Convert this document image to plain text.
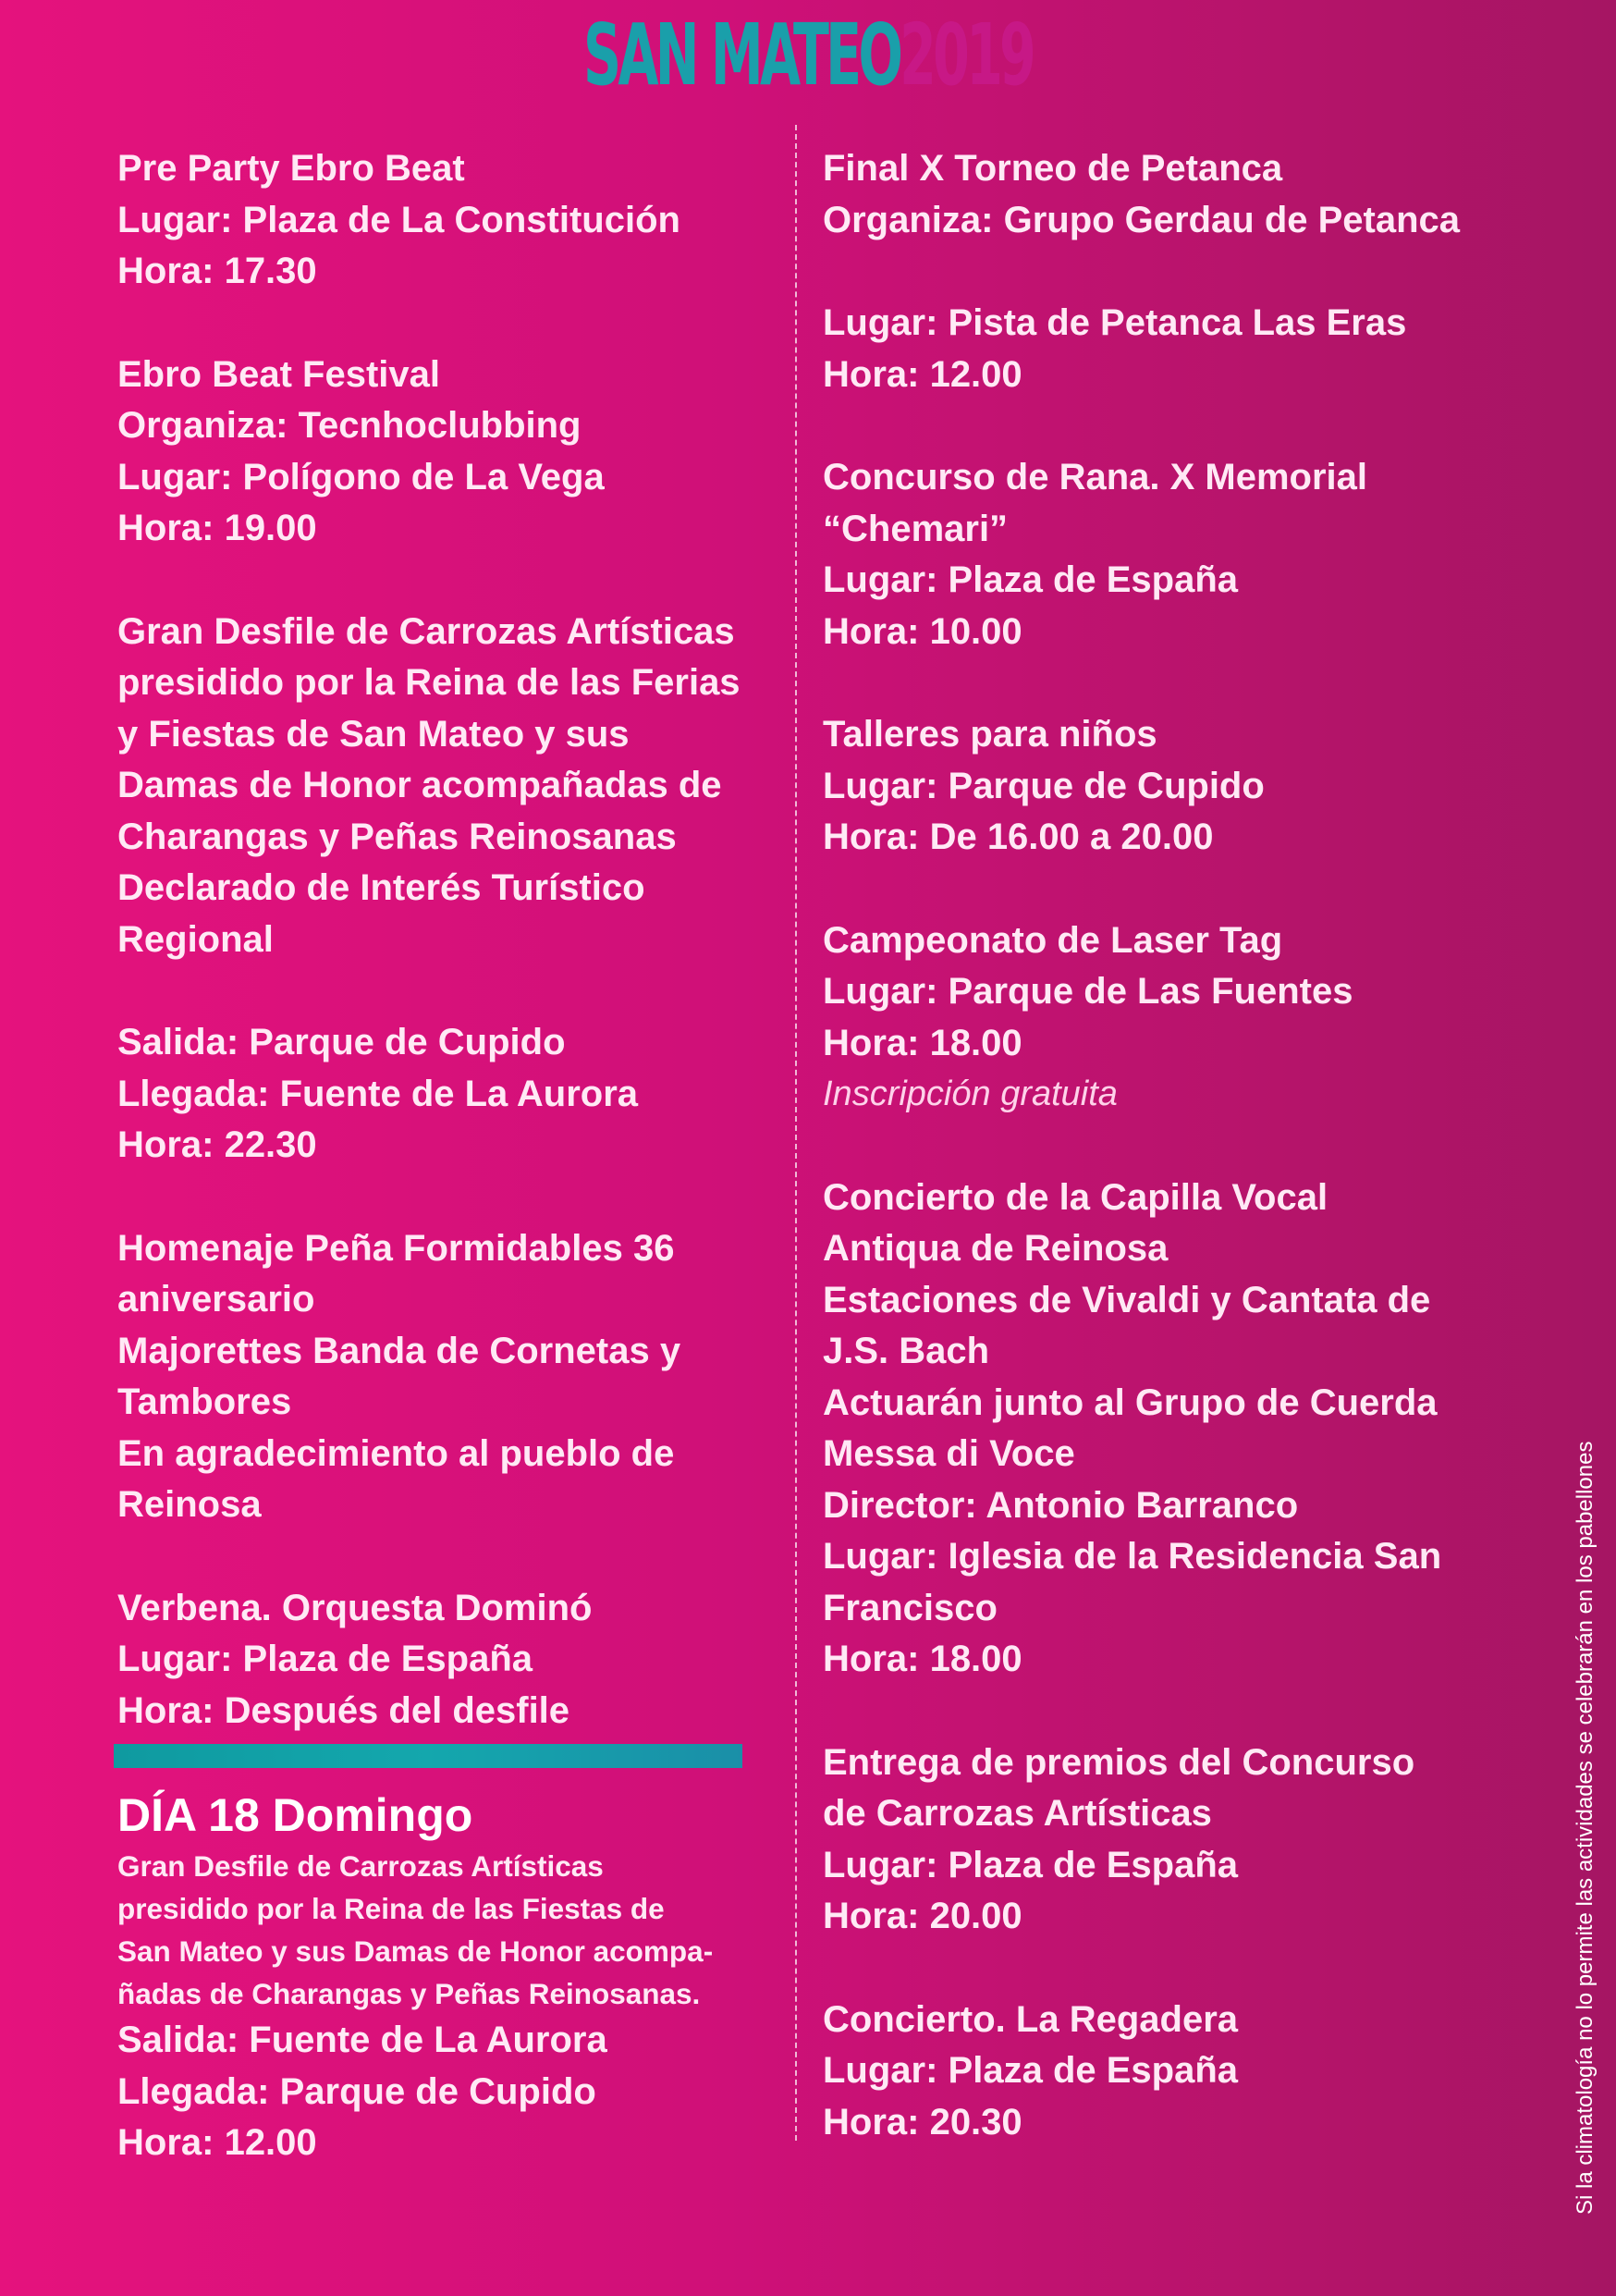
SAN MATEO2019
Pre Party Ebro Beat
Lugar: Plaza de La Constitución
Hora: 17.30
Ebro Beat Festival
Organiza: Tecnhoclubbing
Lugar: Polígono de La Vega
Hora: 19.00
Gran Desfile de Carrozas Artísticas
presidido por la Reina de las Ferias
y Fiestas de San Mateo y sus
Damas de Honor acompañadas de
Charangas y Peñas Reinosanas
Declarado de Interés Turístico
Regional
Salida: Parque de Cupido
Llegada: Fuente de La Aurora
Hora: 22.30
Homenaje Peña Formidables 36
aniversario
Majorettes Banda de Cornetas y
Tambores
En agradecimiento al pueblo de
Reinosa
Verbena. Orquesta Dominó
Lugar: Plaza de España
Hora: Después del desfile
DÍA 18 Domingo
Gran Desfile de Carrozas Artísticas
presidido por la Reina de las Fiestas de
San Mateo y sus Damas de Honor acompa-
ñadas de Charangas y Peñas Reinosanas.
Salida: Fuente de La Aurora
Llegada: Parque de Cupido
Hora: 12.00
Final X Torneo de Petanca
Organiza: Grupo Gerdau de Petanca
Lugar: Pista de Petanca Las Eras
Hora: 12.00
Concurso de Rana. X Memorial
“Chemari”
Lugar: Plaza de España
Hora: 10.00
Talleres para niños
Lugar: Parque de Cupido
Hora: De 16.00 a 20.00
Campeonato de Laser Tag
Lugar: Parque de Las Fuentes
Hora: 18.00
Inscripción gratuita
Concierto de la Capilla Vocal
Antiqua de Reinosa
Estaciones de Vivaldi y Cantata de
J.S. Bach
Actuarán junto al Grupo de Cuerda
Messa di Voce
Director: Antonio Barranco
Lugar: Iglesia de la Residencia San
Francisco
Hora: 18.00
Entrega de premios del Concurso
de Carrozas Artísticas
Lugar: Plaza de España
Hora: 20.00
Concierto. La Regadera
Lugar: Plaza de España
Hora: 20.30	Si la climatología no lo permite las actividades se celebrarán en los pabellones
